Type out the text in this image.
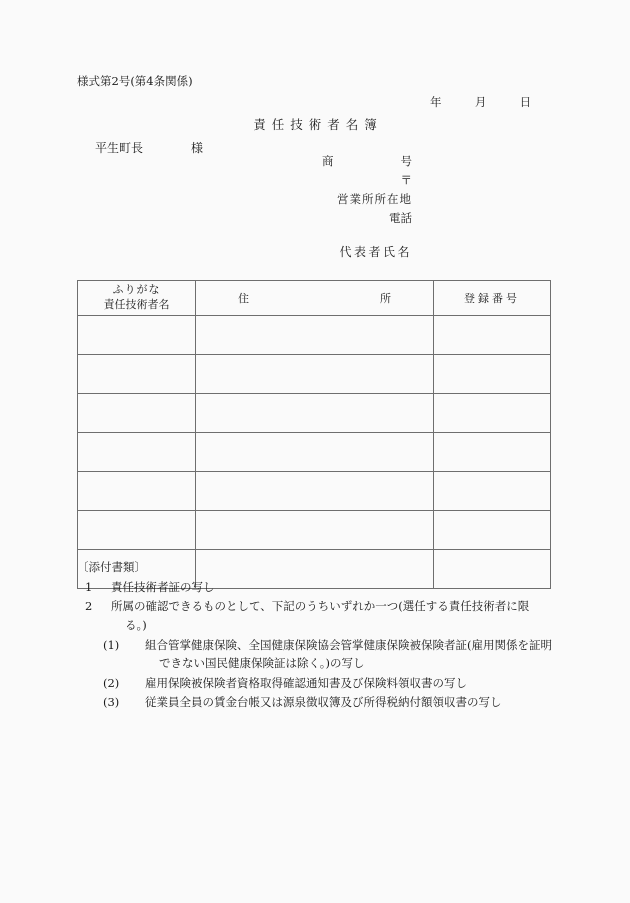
様式第2号(第4条関係)
年	月	日
責任技術者名簿
平生町長	様
商号
〒
営業所所在地
電話
代表者氏名
ふりがな
責任技術者名	住所	登録番号

〔添付書類〕
1	責任技術者証の写し
2	所属の確認できるものとして、下記のうちいずれか一つ(選任する責任技術者に限
る。)
(1)	組合管掌健康保険、全国健康保険協会管掌健康保険被保険者証(雇用関係を証明
できない国民健康保険証は除く。)の写し
(2)	雇用保険被保険者資格取得確認通知書及び保険料領収書の写し
(3)	従業員全員の賃金台帳又は源泉徴収簿及び所得税納付額領収書の写し
